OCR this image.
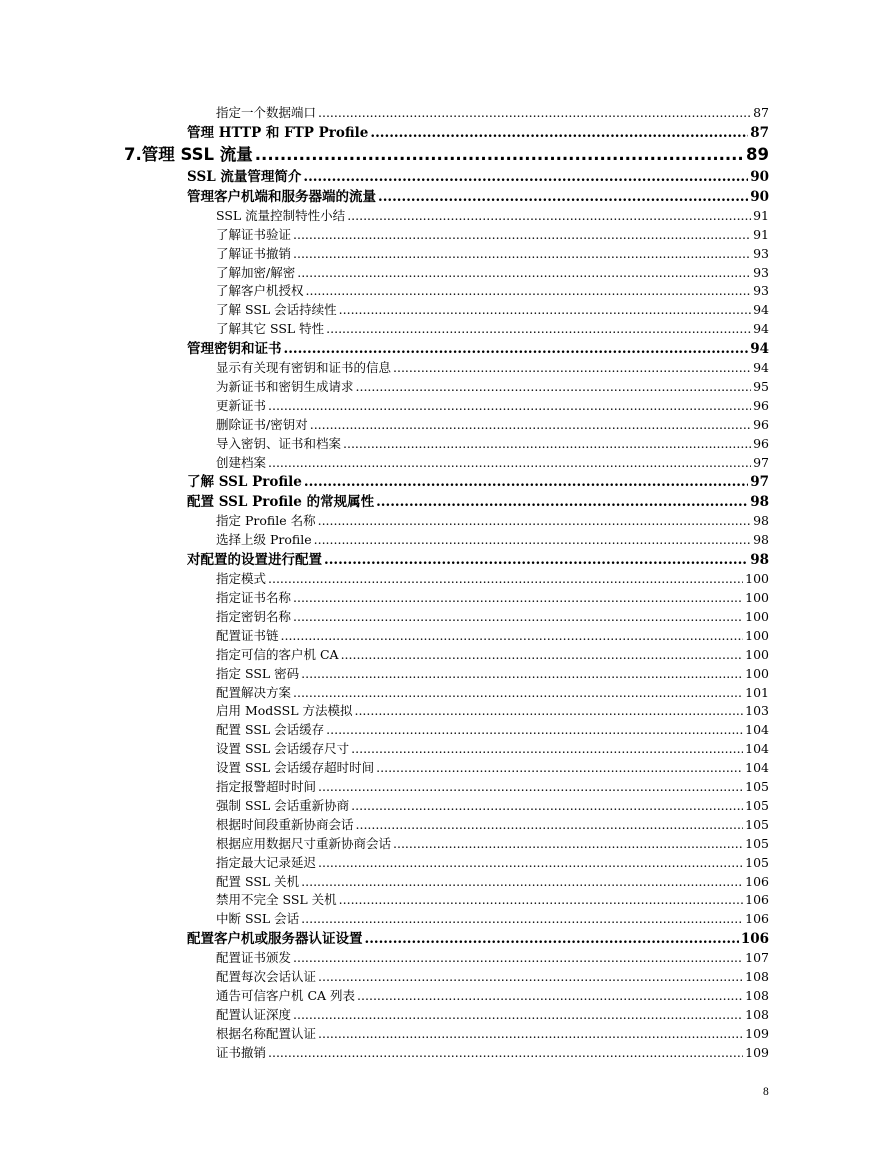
指定一个数据端口 .....	87
管理 HTTP 和 FTP Profile .....	87
7.管理 SSL 流量 .....	89
SSL 流量管理简介 .....	90
管理客户机端和服务器端的流量 .....	90
SSL 流量控制特性小结 .....	91
了解证书验证 .....	91
了解证书撤销 .....	93
了解加密/解密 .....	93
了解客户机授权 .....	93
了解 SSL 会话持续性 .....	94
了解其它 SSL 特性 .....	94
管理密钥和证书 .....	94
显示有关现有密钥和证书的信息 .....	94
为新证书和密钥生成请求 .....	95
更新证书 .....	96
删除证书/密钥对 .....	96
导入密钥、证书和档案 .....	96
创建档案 .....	97
了解 SSL Profile .....	97
配置 SSL Profile 的常规属性 .....	98
指定 Profile 名称 .....	98
选择上级 Profile .....	98
对配置的设置进行配置 .....	98
指定模式 .....	100
指定证书名称 .....	100
指定密钥名称 .....	100
配置证书链 .....	100
指定可信的客户机 CA .....	100
指定 SSL 密码 .....	100
配置解决方案 .....	101
启用 ModSSL 方法模拟 .....	103
配置 SSL 会话缓存 .....	104
设置 SSL 会话缓存尺寸 .....	104
设置 SSL 会话缓存超时时间 .....	104
指定报警超时时间 .....	105
强制 SSL 会话重新协商 .....	105
根据时间段重新协商会话 .....	105
根据应用数据尺寸重新协商会话 .....	105
指定最大记录延迟 .....	105
配置 SSL 关机 .....	106
禁用不完全 SSL 关机 .....	106
中断 SSL 会话 .....	106
配置客户机或服务器认证设置 .....	106
配置证书颁发 .....	107
配置每次会话认证 .....	108
通告可信客户机 CA 列表 .....	108
配置认证深度 .....	108
根据名称配置认证 .....	109
证书撤销 .....	109
8
